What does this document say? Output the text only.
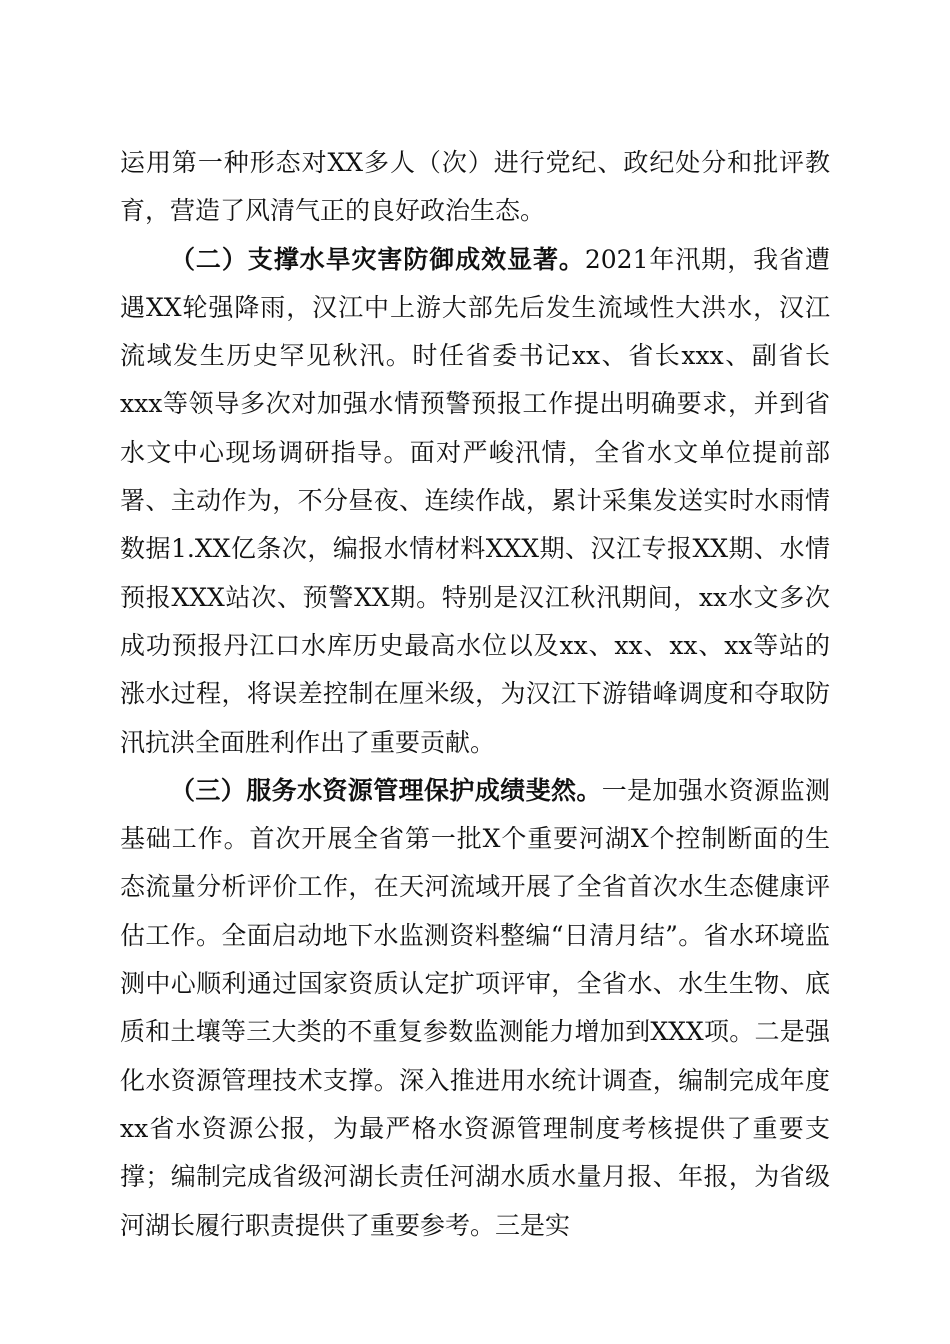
运用第一种形态对XX多人（次）进行党纪、政纪处分和批评教育，营造了风清气正的良好政治生态。

（二）支撑水旱灾害防御成效显著。2021年汛期，我省遭遇XX轮强降雨，汉江中上游大部先后发生流域性大洪水，汉江流域发生历史罕见秋汛。时任省委书记xx、省长xxx、副省长xxx等领导多次对加强水情预警预报工作提出明确要求，并到省水文中心现场调研指导。面对严峻汛情，全省水文单位提前部署、主动作为，不分昼夜、连续作战，累计采集发送实时水雨情数据1.XX亿条次，编报水情材料XXX期、汉江专报XX期、水情预报XXX站次、预警XX期。特别是汉江秋汛期间，xx水文多次成功预报丹江口水库历史最高水位以及xx、xx、xx、xx等站的涨水过程，将误差控制在厘米级，为汉江下游错峰调度和夺取防汛抗洪全面胜利作出了重要贡献。

（三）服务水资源管理保护成绩斐然。一是加强水资源监测基础工作。首次开展全省第一批X个重要河湖X个控制断面的生态流量分析评价工作，在天河流域开展了全省首次水生态健康评估工作。全面启动地下水监测资料整编“日清月结”。省水环境监测中心顺利通过国家资质认定扩项评审，全省水、水生生物、底质和土壤等三大类的不重复参数监测能力增加到XXX项。二是强化水资源管理技术支撑。深入推进用水统计调查，编制完成年度xx省水资源公报，为最严格水资源管理制度考核提供了重要支撑；编制完成省级河湖长责任河湖水质水量月报、年报，为省级河湖长履行职责提供了重要参考。三是实
